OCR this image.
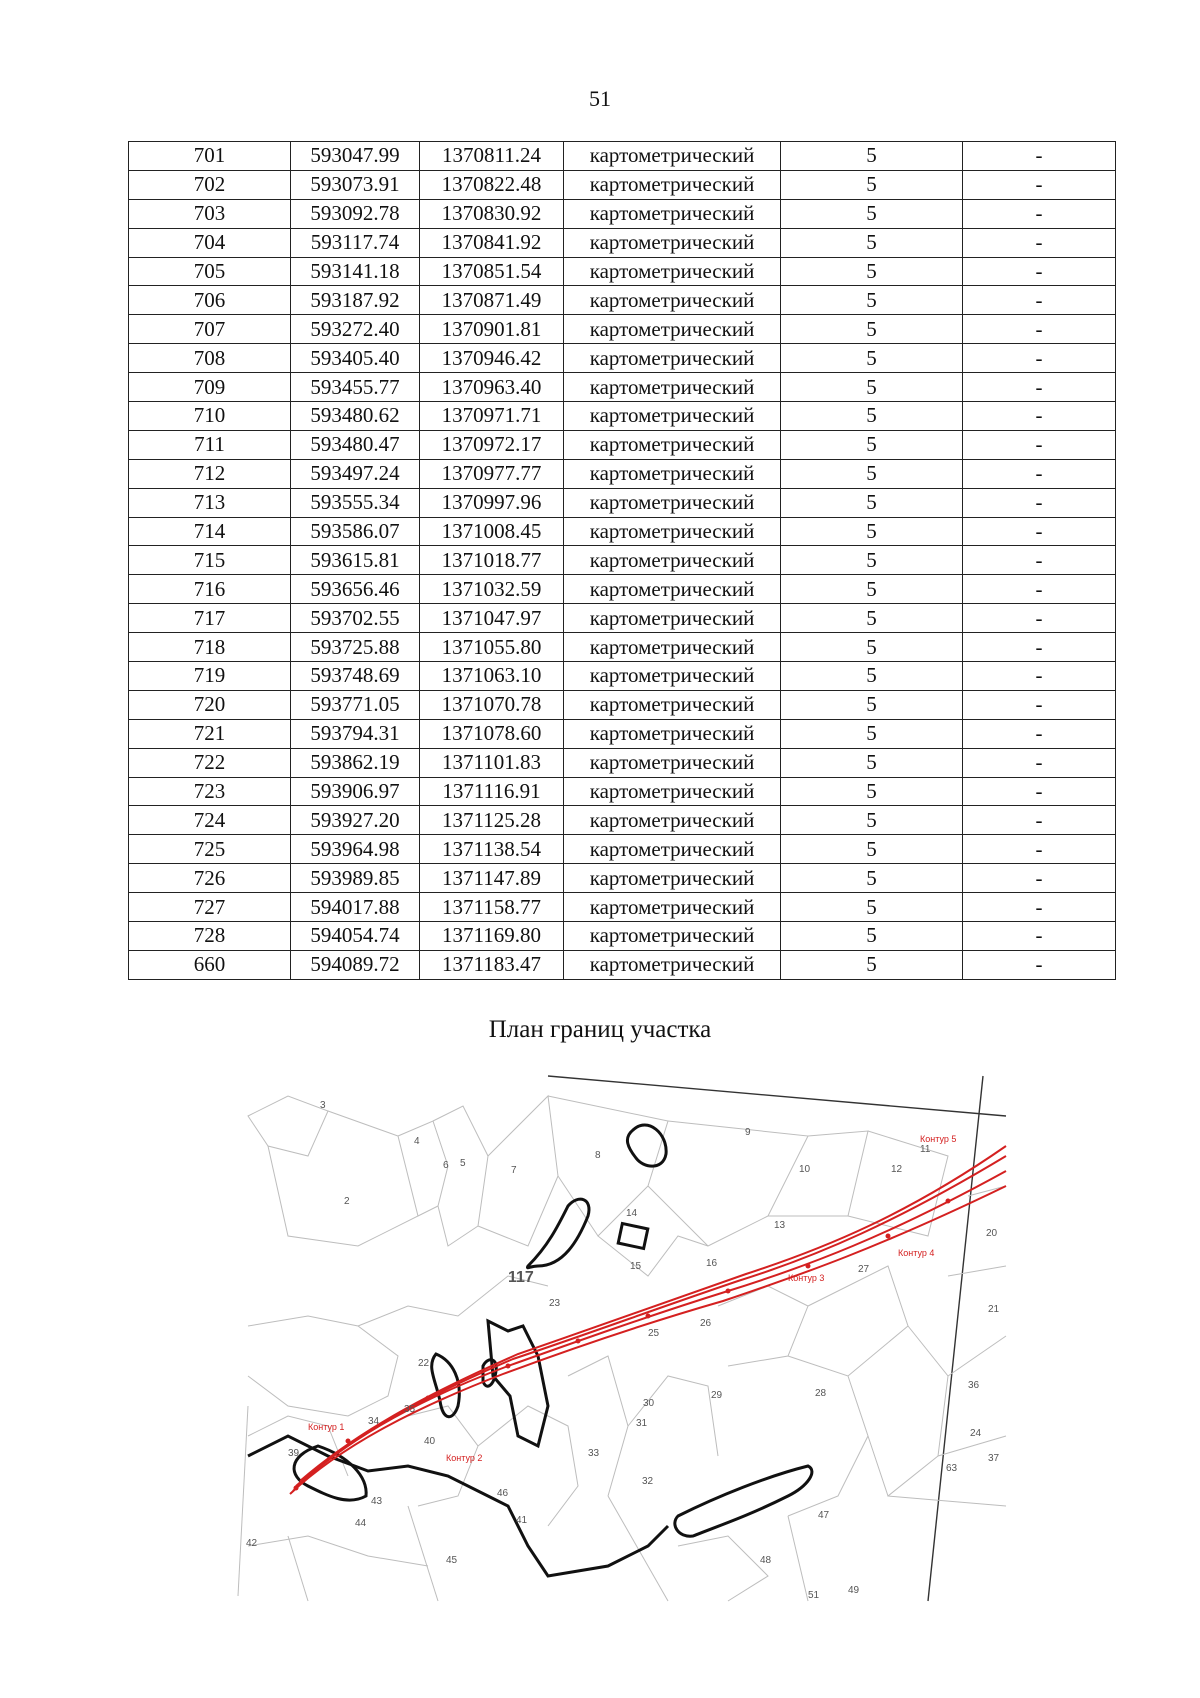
51
701	593047.99	1370811.24	картометрический	5	-
702	593073.91	1370822.48	картометрический	5	-
703	593092.78	1370830.92	картометрический	5	-
704	593117.74	1370841.92	картометрический	5	-
705	593141.18	1370851.54	картометрический	5	-
706	593187.92	1370871.49	картометрический	5	-
707	593272.40	1370901.81	картометрический	5	-
708	593405.40	1370946.42	картометрический	5	-
709	593455.77	1370963.40	картометрический	5	-
710	593480.62	1370971.71	картометрический	5	-
711	593480.47	1370972.17	картометрический	5	-
712	593497.24	1370977.77	картометрический	5	-
713	593555.34	1370997.96	картометрический	5	-
714	593586.07	1371008.45	картометрический	5	-
715	593615.81	1371018.77	картометрический	5	-
716	593656.46	1371032.59	картометрический	5	-
717	593702.55	1371047.97	картометрический	5	-
718	593725.88	1371055.80	картометрический	5	-
719	593748.69	1371063.10	картометрический	5	-
720	593771.05	1371070.78	картометрический	5	-
721	593794.31	1371078.60	картометрический	5	-
722	593862.19	1371101.83	картометрический	5	-
723	593906.97	1371116.91	картометрический	5	-
724	593927.20	1371125.28	картометрический	5	-
725	593964.98	1371138.54	картометрический	5	-
726	593989.85	1371147.89	картометрический	5	-
727	594017.88	1371158.77	картометрический	5	-
728	594054.74	1371169.80	картометрический	5	-
660	594089.72	1371183.47	картометрический	5	-
План границ участка
117
Контур 1
Контур 2
Контур 3
Контур 4
Контур 5
3
4
6 5
7
8
9
2
10	12
11
14
13
15	16
20
21
23
22
27
26
25
24
28
29
30
31
32
33
34
35
36
37
39
40
41
42
43
44
45
46
47
48
49
51
63
